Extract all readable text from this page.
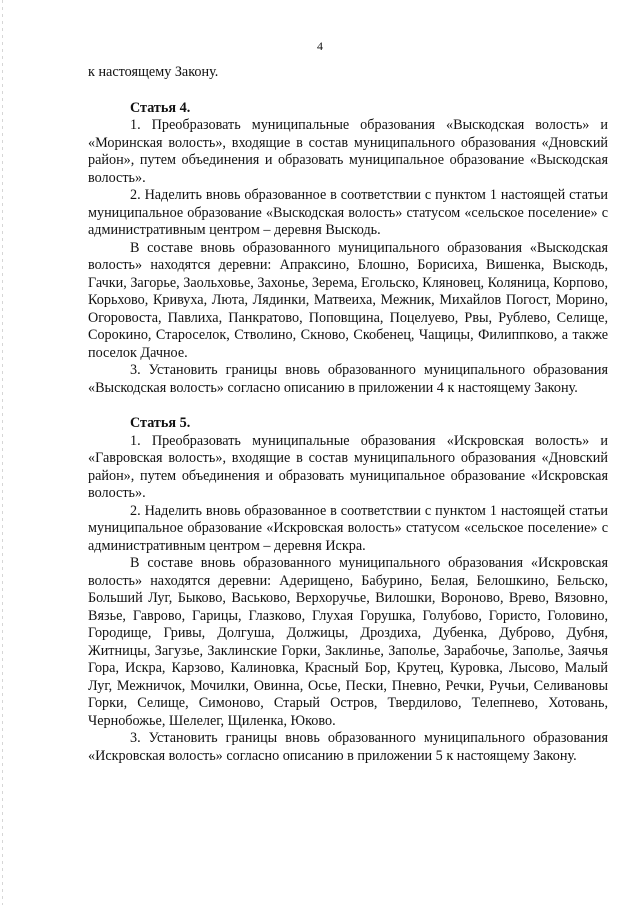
4

к настоящему Закону.

Статья 4.

1. Преобразовать муниципальные образования «Выскодская волость» и «Моринская волость», входящие в состав муниципального образования «Дновский район», путем объединения и образовать муниципальное образование «Выскодская волость».

2. Наделить вновь образованное в соответствии с пунктом 1 настоящей статьи муниципальное образование «Выскодская волость» статусом «сельское поселение» с административным центром – деревня Выскодь.

В составе вновь образованного муниципального образования «Выскодская волость» находятся деревни: Апраксино, Блошно, Борисиха, Вишенка, Выскодь, Гачки, Загорье, Заольховье, Захонье, Зерема, Егольско, Кляновец, Коляница, Корпово, Корьхово, Кривуха, Люта, Лядинки, Матвеиха, Межник, Михайлов Погост, Морино, Огоровоста, Павлиха, Панкратово, Поповщина, Поцелуево, Рвы, Рублево, Селище, Сорокино, Староселок, Стволино, Скново, Скобенец, Чащицы, Филиппково, а также поселок Дачное.

3. Установить границы вновь образованного муниципального образования «Выскодская волость» согласно описанию в приложении 4 к настоящему Закону.

Статья 5.

1. Преобразовать муниципальные образования «Искровская волость» и «Гавровская волость», входящие в состав муниципального образования «Дновский район», путем объединения и образовать муниципальное образование «Искровская волость».

2. Наделить вновь образованное в соответствии с пунктом 1 настоящей статьи муниципальное образование «Искровская волость» статусом «сельское поселение» с административным центром – деревня Искра.

В составе вновь образованного муниципального образования «Искровская волость» находятся деревни: Адерищено, Бабурино, Белая, Белошкино, Бельско, Больший Луг, Быково, Васьково, Верхоручье, Вилошки, Вороново, Врево, Вязовно, Вязье, Гаврово, Гарицы, Глазково, Глухая Горушка, Голубово, Гористо, Головино, Городище, Гривы, Долгуша, Должицы, Дроздиха, Дубенка, Дуброво, Дубня, Житницы, Загузье, Заклинские Горки, Заклинье, Заполье, Зарабочье, Заполье, Заячья Гора, Искра, Карзово, Калиновка, Красный Бор, Крутец, Куровка, Лысово, Малый Луг, Межничок, Мочилки, Овинна, Осье, Пески, Пневно, Речки, Ручьи, Селивановы Горки, Селище, Симоново, Старый Остров, Твердилово, Телепнево, Хотовань, Чернобожье, Шелелег, Щиленка, Юково.

3. Установить границы вновь образованного муниципального образования «Искровская волость» согласно описанию в приложении 5 к настоящему Закону.
